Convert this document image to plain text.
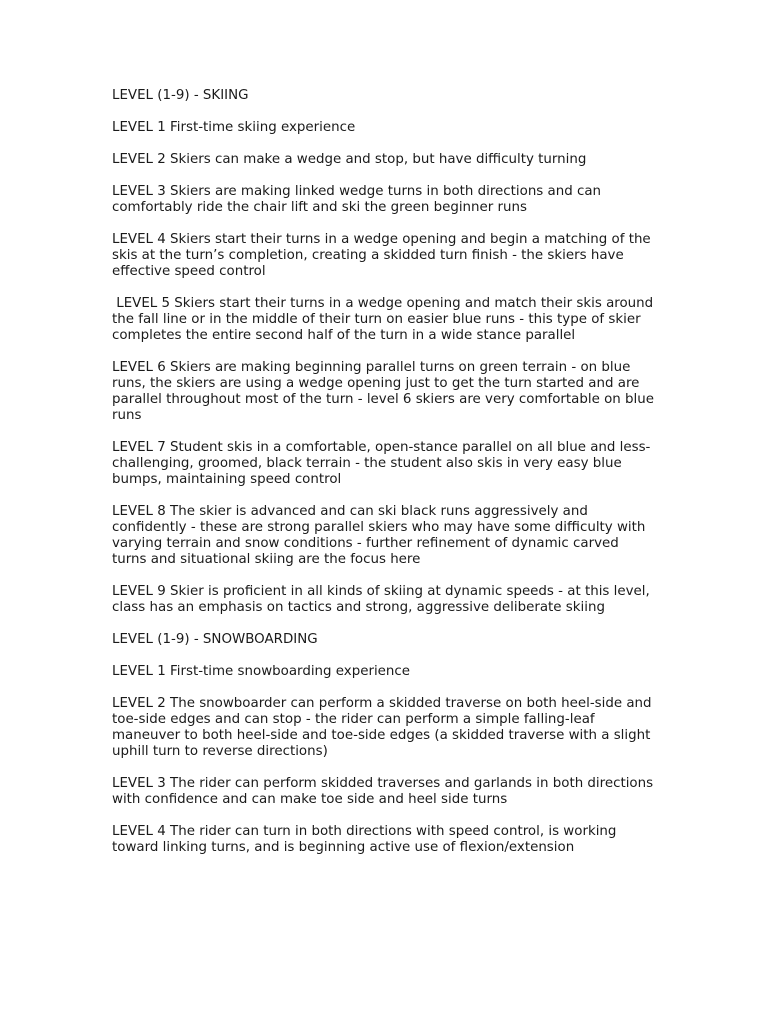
LEVEL (1-9) - SKIING

LEVEL 1 First-time skiing experience

LEVEL 2 Skiers can make a wedge and stop, but have difficulty turning

LEVEL 3 Skiers are making linked wedge turns in both directions and can comfortably ride the chair lift and ski the green beginner runs

LEVEL 4 Skiers start their turns in a wedge opening and begin a matching of the skis at the turn’s completion, creating a skidded turn finish - the skiers have effective speed control

LEVEL 5 Skiers start their turns in a wedge opening and match their skis around the fall line or in the middle of their turn on easier blue runs - this type of skier completes the entire second half of the turn in a wide stance parallel

LEVEL 6 Skiers are making beginning parallel turns on green terrain - on blue runs, the skiers are using a wedge opening just to get the turn started and are parallel throughout most of the turn - level 6 skiers are very comfortable on blue runs

LEVEL 7 Student skis in a comfortable, open-stance parallel on all blue and less-challenging, groomed, black terrain - the student also skis in very easy blue bumps, maintaining speed control

LEVEL 8 The skier is advanced and can ski black runs aggressively and confidently - these are strong parallel skiers who may have some difficulty with varying terrain and snow conditions - further refinement of dynamic carved turns and situational skiing are the focus here

LEVEL 9 Skier is proficient in all kinds of skiing at dynamic speeds - at this level, class has an emphasis on tactics and strong, aggressive deliberate skiing

LEVEL (1-9) - SNOWBOARDING

LEVEL 1 First-time snowboarding experience

LEVEL 2 The snowboarder can perform a skidded traverse on both heel-side and toe-side edges and can stop - the rider can perform a simple falling-leaf maneuver to both heel-side and toe-side edges (a skidded traverse with a slight uphill turn to reverse directions)

LEVEL 3 The rider can perform skidded traverses and garlands in both directions with confidence and can make toe side and heel side turns

LEVEL 4 The rider can turn in both directions with speed control, is working toward linking turns, and is beginning active use of flexion/extension
